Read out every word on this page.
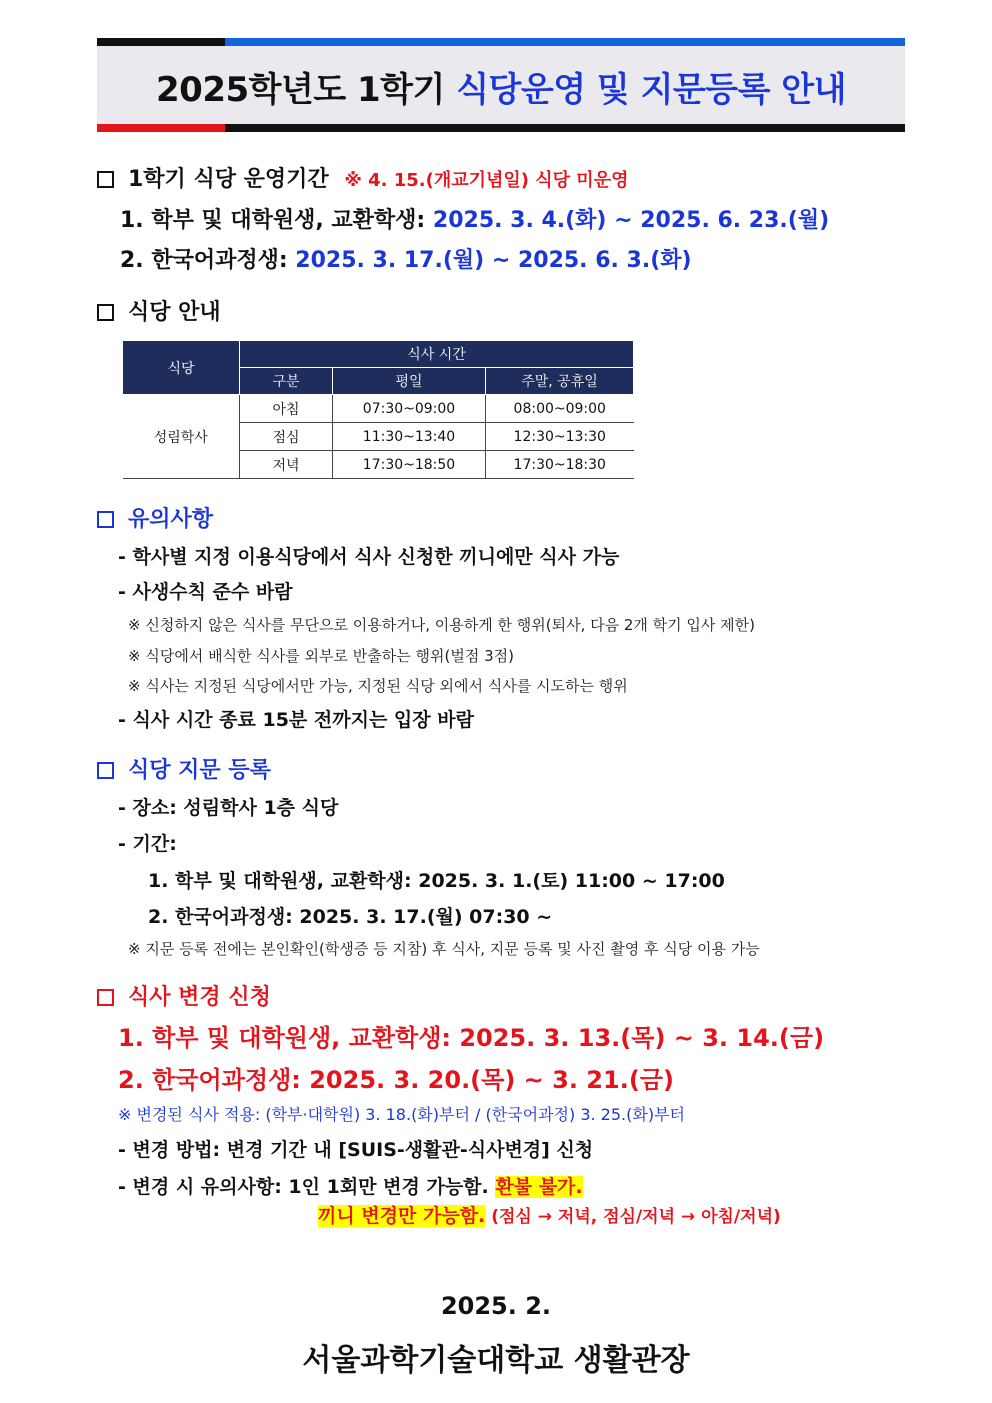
2025학년도 1학기 식당운영 및 지문등록 안내
1학기 식당 운영기간 ※ 4. 15.(개교기념일) 식당 미운영
1. 학부 및 대학원생, 교환학생: 2025. 3. 4.(화) ~ 2025. 6. 23.(월)
2. 한국어과정생: 2025. 3. 17.(월) ~ 2025. 6. 3.(화)
식당 안내
식당	식사 시간		
	구분	평일	주말, 공휴일
성림학사	아침	07:30~09:00	08:00~09:00
	점심	11:30~13:40	12:30~13:30
	저녁	17:30~18:50	17:30~18:30
유의사항
- 학사별 지정 이용식당에서 식사 신청한 끼니에만 식사 가능
- 사생수칙 준수 바람
※ 신청하지 않은 식사를 무단으로 이용하거나, 이용하게 한 행위(퇴사, 다음 2개 학기 입사 제한)
※ 식당에서 배식한 식사를 외부로 반출하는 행위(벌점 3점)
※ 식사는 지정된 식당에서만 가능, 지정된 식당 외에서 식사를 시도하는 행위
- 식사 시간 종료 15분 전까지는 입장 바람
식당 지문 등록
- 장소: 성림학사 1층 식당
- 기간:
1. 학부 및 대학원생, 교환학생: 2025. 3. 1.(토) 11:00 ~ 17:00
2. 한국어과정생: 2025. 3. 17.(월) 07:30 ~
※ 지문 등록 전에는 본인확인(학생증 등 지참) 후 식사, 지문 등록 및 사진 촬영 후 식당 이용 가능
식사 변경 신청
1. 학부 및 대학원생, 교환학생: 2025. 3. 13.(목) ~ 3. 14.(금)
2. 한국어과정생: 2025. 3. 20.(목) ~ 3. 21.(금)
※ 변경된 식사 적용: (학부·대학원) 3. 18.(화)부터 / (한국어과정) 3. 25.(화)부터
- 변경 방법: 변경 기간 내 [SUIS-생활관-식사변경] 신청
- 변경 시 유의사항: 1인 1회만 변경 가능함. 환불 불가.
끼니 변경만 가능함. (점심 → 저녁, 점심/저녁 → 아침/저녁)
2025. 2.
서울과학기술대학교 생활관장
